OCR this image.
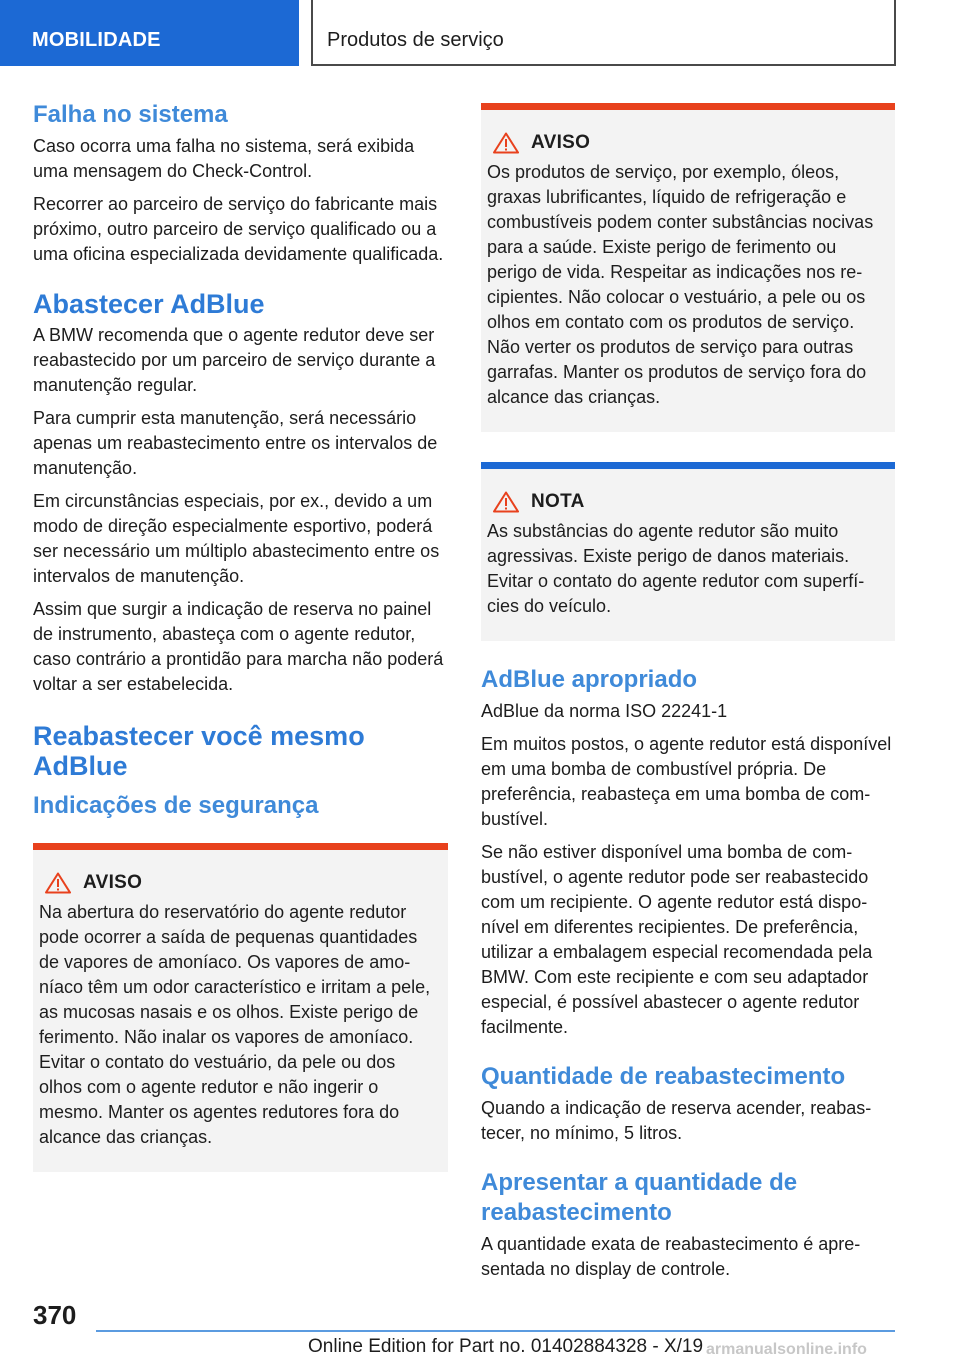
MOBILIDADE	Produtos de serviço
Falha no sistema

Caso ocorra uma falha no sistema, será exibida uma mensagem do Check-Control.

Recorrer ao parceiro de serviço do fabricante mais próximo, outro parceiro de serviço qualificado ou a uma oficina especializada devidamente qualificada.

Abastecer AdBlue

A BMW recomenda que o agente redutor deve ser reabastecido por um parceiro de serviço durante a manutenção regular.

Para cumprir esta manutenção, será necessário apenas um reabastecimento entre os intervalos de manutenção.

Em circunstâncias especiais, por ex., devido a um modo de direção especialmente esportivo, poderá ser necessário um múltiplo abastecimento entre os intervalos de manutenção.

Assim que surgir a indicação de reserva no painel de instrumento, abasteça com o agente redutor, caso contrário a prontidão para marcha não poderá voltar a ser estabelecida.

Reabastecer você mesmo AdBlue
Indicações de segurança
AVISO

Na abertura do reservatório do agente redutor pode ocorrer a saída de pequenas quantidades de vapores de amoníaco. Os vapores de amoníaco têm um odor característico e irritam a pele, as mucosas nasais e os olhos. Existe perigo de ferimento. Não inalar os vapores de amoníaco. Evitar o contato do vestuário, da pele ou dos olhos com o agente redutor e não ingerir o mesmo. Manter os agentes redutores fora do alcance das crianças.

AVISO

Os produtos de serviço, por exemplo, óleos, graxas lubrificantes, líquido de refrigeração e combustíveis podem conter substâncias nocivas para a saúde. Existe perigo de ferimento ou perigo de vida. Respeitar as indicações nos recipientes. Não colocar o vestuário, a pele ou os olhos em contato com os produtos de serviço. Não verter os produtos de serviço para outras garrafas. Manter os produtos de serviço fora do alcance das crianças.

NOTA

As substâncias do agente redutor são muito agressivas. Existe perigo de danos materiais. Evitar o contato do agente redutor com superfícies do veículo.

AdBlue apropriado

AdBlue da norma ISO 22241-1

Em muitos postos, o agente redutor está disponível em uma bomba de combustível própria. De preferência, reabasteça em uma bomba de combustível.

Se não estiver disponível uma bomba de combustível, o agente redutor pode ser reabastecido com um recipiente. O agente redutor está disponível em diferentes recipientes. De preferência, utilizar a embalagem especial recomendada pela BMW. Com este recipiente e com seu adaptador especial, é possível abastecer o agente redutor facilmente.

Quantidade de reabastecimento

Quando a indicação de reserva acender, reabastecer, no mínimo, 5 litros.

Apresentar a quantidade de reabastecimento

A quantidade exata de reabastecimento é apresentada no display de controle.

370
Online Edition for Part no. 01402884328 - X/19 armanualsonline.info
